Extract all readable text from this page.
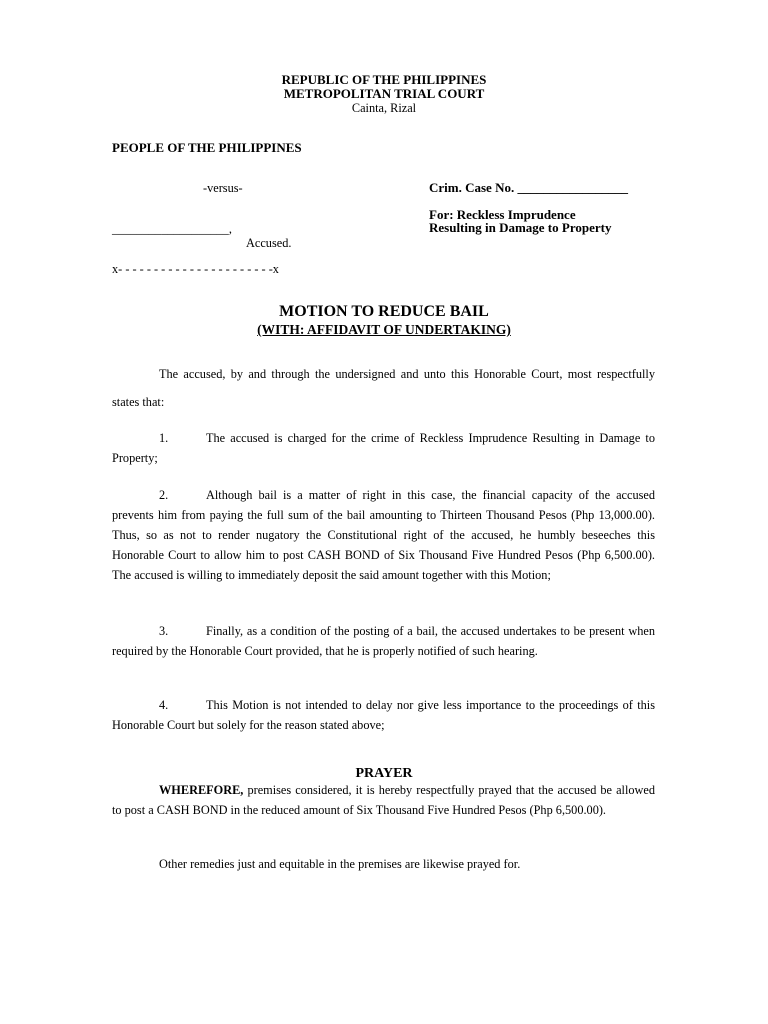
REPUBLIC OF THE PHILIPPINES
METROPOLITAN TRIAL COURT
Cainta, Rizal
PEOPLE OF THE PHILIPPINES
-versus-	Crim. Case No. _________________
For: Reckless Imprudence
Resulting in Damage to Property
___________________,
Accused.
x- - - - - - - - - - - - - - - - - - - - - -x
MOTION TO REDUCE BAIL
(WITH: AFFIDAVIT OF UNDERTAKING)
The accused, by and through the undersigned and unto this Honorable Court, most respectfully states that:
1.	The accused is charged for the crime of Reckless Imprudence Resulting in Damage to Property;
2.	Although bail is a matter of right in this case, the financial capacity of the accused prevents him from paying the full sum of the bail amounting to Thirteen Thousand Pesos (Php 13,000.00). Thus, so as not to render nugatory the Constitutional right of the accused, he humbly beseeches this Honorable Court to allow him to post CASH BOND of Six Thousand Five Hundred Pesos (Php 6,500.00). The accused is willing to immediately deposit the said amount together with this Motion;
3.	Finally, as a condition of the posting of a bail, the accused undertakes to be present when required by the Honorable Court provided, that he is properly notified of such hearing.
4.	This Motion is not intended to delay nor give less importance to the proceedings of this Honorable Court but solely for the reason stated above;
PRAYER
WHEREFORE, premises considered, it is hereby respectfully prayed that the accused be allowed to post a CASH BOND in the reduced amount of Six Thousand Five Hundred Pesos (Php 6,500.00).
Other remedies just and equitable in the premises are likewise prayed for.
